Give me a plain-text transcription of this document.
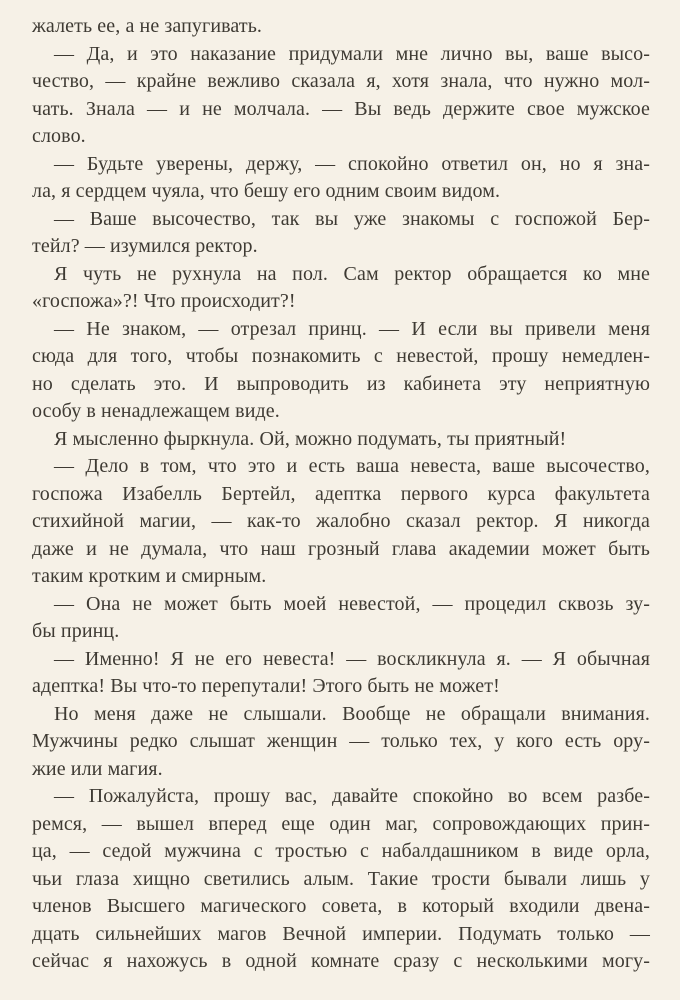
жалеть ее, а не запугивать.

— Да, и это наказание придумали мне лично вы, ваше высо-
чество, — крайне вежливо сказала я, хотя знала, что нужно мол-
чать. Знала — и не молчала. — Вы ведь держите свое мужское
слово.

— Будьте уверены, держу, — спокойно ответил он, но я зна-
ла, я сердцем чуяла, что бешу его одним своим видом.

— Ваше высочество, так вы уже знакомы с госпожой Бер-
тейл? — изумился ректор.

Я чуть не рухнула на пол. Сам ректор обращается ко мне
«госпожа»?! Что происходит?!

— Не знаком, — отрезал принц. — И если вы привели меня
сюда для того, чтобы познакомить с невестой, прошу немедлен-
но сделать это. И выпроводить из кабинета эту неприятную
особу в ненадлежащем виде.

Я мысленно фыркнула. Ой, можно подумать, ты приятный!

— Дело в том, что это и есть ваша невеста, ваше высочество,
госпожа Изабелль Бертейл, адептка первого курса факультета
стихийной магии, — как-то жалобно сказал ректор. Я никогда
даже и не думала, что наш грозный глава академии может быть
таким кротким и смирным.

— Она не может быть моей невестой, — процедил сквозь зу-
бы принц.

— Именно! Я не его невеста! — воскликнула я. — Я обычная
адептка! Вы что-то перепутали! Этого быть не может!

Но меня даже не слышали. Вообще не обращали внимания.
Мужчины редко слышат женщин — только тех, у кого есть ору-
жие или магия.

— Пожалуйста, прошу вас, давайте спокойно во всем разбе-
ремся, — вышел вперед еще один маг, сопровождающих прин-
ца, — седой мужчина с тростью с набалдашником в виде орла,
чьи глаза хищно светились алым. Такие трости бывали лишь у
членов Высшего магического совета, в который входили двена-
дцать сильнейших магов Вечной империи. Подумать только —
сейчас я нахожусь в одной комнате сразу с несколькими могу-
